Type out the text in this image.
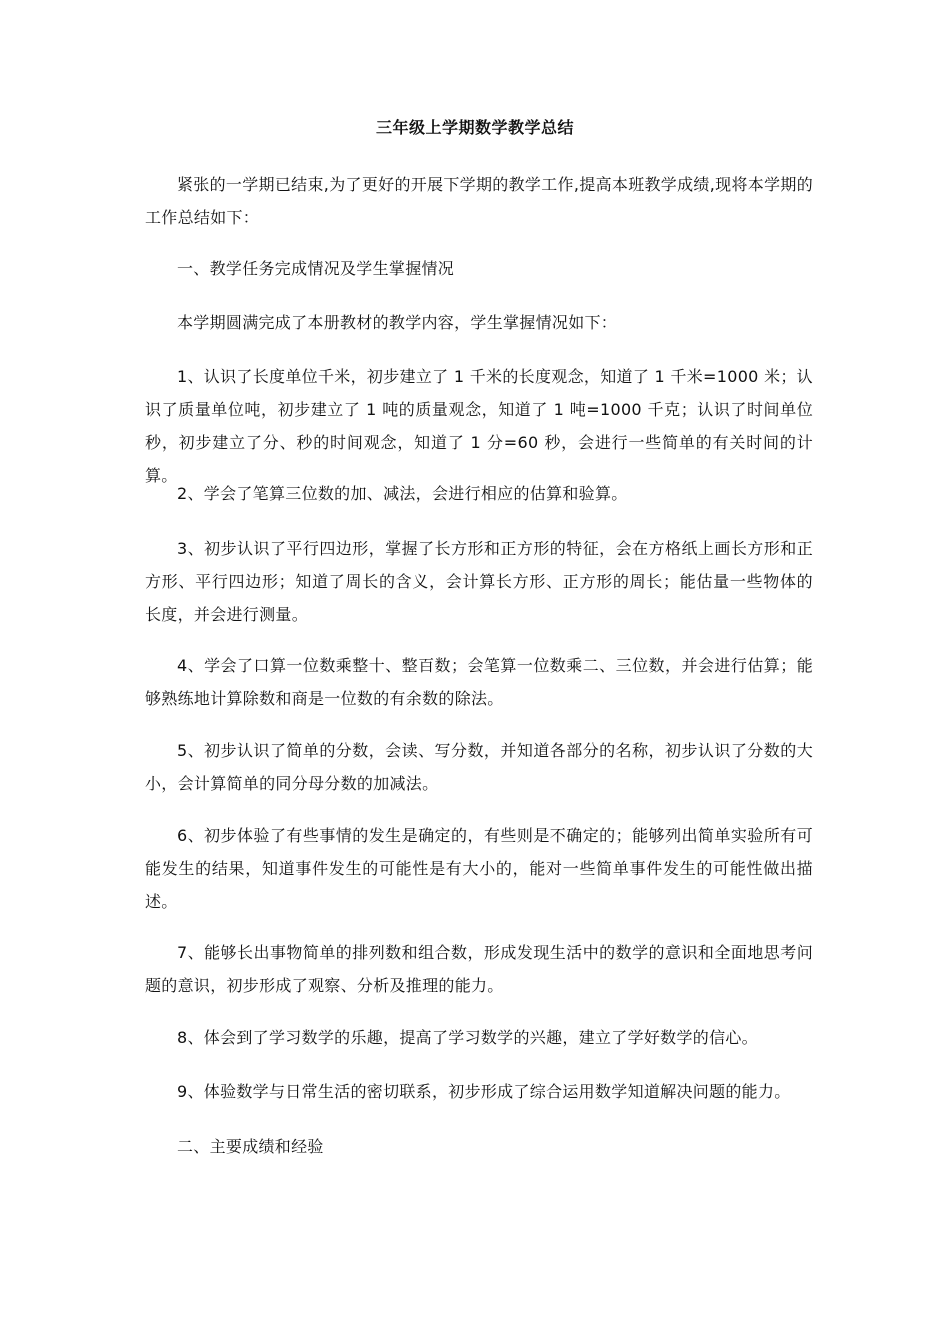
三年级上学期数学教学总结

紧张的一学期已结束,为了更好的开展下学期的教学工作,提高本班教学成绩,现将本学期的工作总结如下：

一、教学任务完成情况及学生掌握情况

本学期圆满完成了本册教材的教学内容，学生掌握情况如下：

1、认识了长度单位千米，初步建立了 1 千米的长度观念，知道了 1 千米=1000 米；认识了质量单位吨，初步建立了 1 吨的质量观念，知道了 1 吨=1000 千克；认识了时间单位秒，初步建立了分、秒的时间观念，知道了 1 分=60 秒，会进行一些简单的有关时间的计算。

2、学会了笔算三位数的加、减法，会进行相应的估算和验算。

3、初步认识了平行四边形，掌握了长方形和正方形的特征，会在方格纸上画长方形和正方形、平行四边形；知道了周长的含义，会计算长方形、正方形的周长；能估量一些物体的长度，并会进行测量。

4、学会了口算一位数乘整十、整百数；会笔算一位数乘二、三位数，并会进行估算；能够熟练地计算除数和商是一位数的有余数的除法。

5、初步认识了简单的分数，会读、写分数，并知道各部分的名称，初步认识了分数的大小，会计算简单的同分母分数的加减法。

6、初步体验了有些事情的发生是确定的，有些则是不确定的；能够列出简单实验所有可能发生的结果，知道事件发生的可能性是有大小的，能对一些简单事件发生的可能性做出描述。

7、能够长出事物简单的排列数和组合数，形成发现生活中的数学的意识和全面地思考问题的意识，初步形成了观察、分析及推理的能力。

8、体会到了学习数学的乐趣，提高了学习数学的兴趣，建立了学好数学的信心。

9、体验数学与日常生活的密切联系，初步形成了综合运用数学知道解决问题的能力。

二、主要成绩和经验
